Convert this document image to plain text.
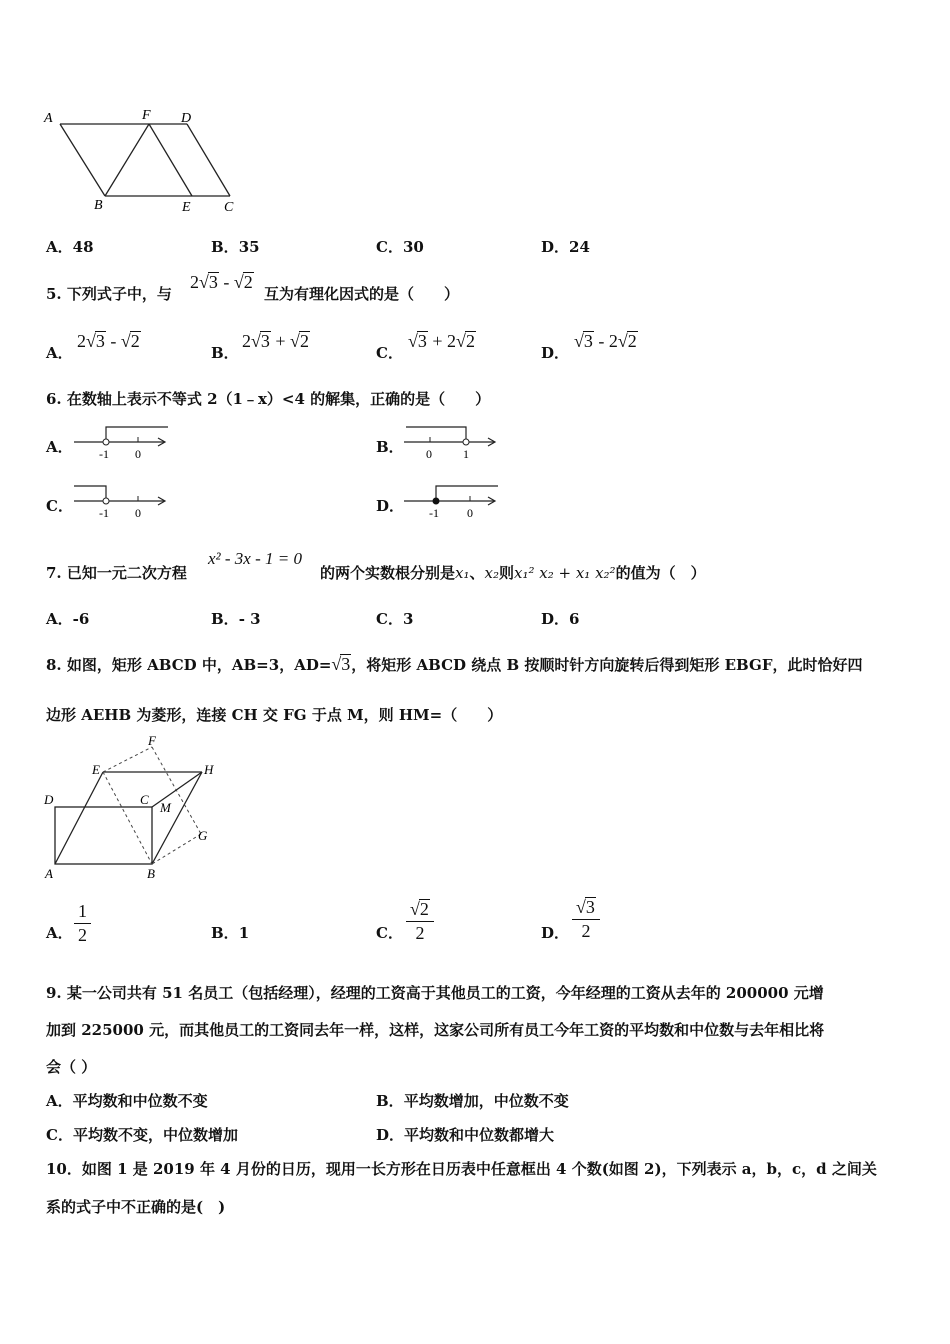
A	F D
B	E C
A．48	B．35	C．30	D．24
5. 下列式子中，与
2√3 - √2
互为有理化因式的是（　　）
A．
2√3 - √2
B．
2√3 + √2
C．
√3 + 2√2
D．
√3 - 2√2
6. 在数轴上表示不等式 2（1﹣x）<4 的解集，正确的是（　　）
A． -1 0	B． 0	1
C． -1 0	D． -1 0
7. 已知一元二次方程
x² - 3x - 1 = 0
的两个实数根分别是x₁、x₂则x₁² x₂ + x₁ x₂²的值为（　）
A．-6	B．- 3	C．3	D．6
8. 如图，矩形 ABCD 中，AB=3，AD=√3，将矩形 ABCD 绕点 B 按顺时针方向旋转后得到矩形 EBGF，此时恰好四
边形 AEHB 为菱形，连接 CH 交 FG 于点 M，则 HM=（　　）
F
E	H
D	C
M
G
A	B
A． $\frac{1}{2}$	B．1	C． $\frac{√2}{2}$	D． $\frac{√3}{2}$
9. 某一公司共有 51 名员工（包括经理），经理的工资高于其他员工的工资，今年经理的工资从去年的 200000 元增
加到 225000 元，而其他员工的工资同去年一样，这样，这家公司所有员工今年工资的平均数和中位数与去年相比将
会（ ）
A．平均数和中位数不变	B．平均数增加，中位数不变
C．平均数不变，中位数增加	D．平均数和中位数都增大
10．如图 1 是 2019 年 4 月份的日历，现用一长方形在日历表中任意框出 4 个数(如图 2)，下列表示 a，b，c，d 之间关
系的式子中不正确的是(　)
